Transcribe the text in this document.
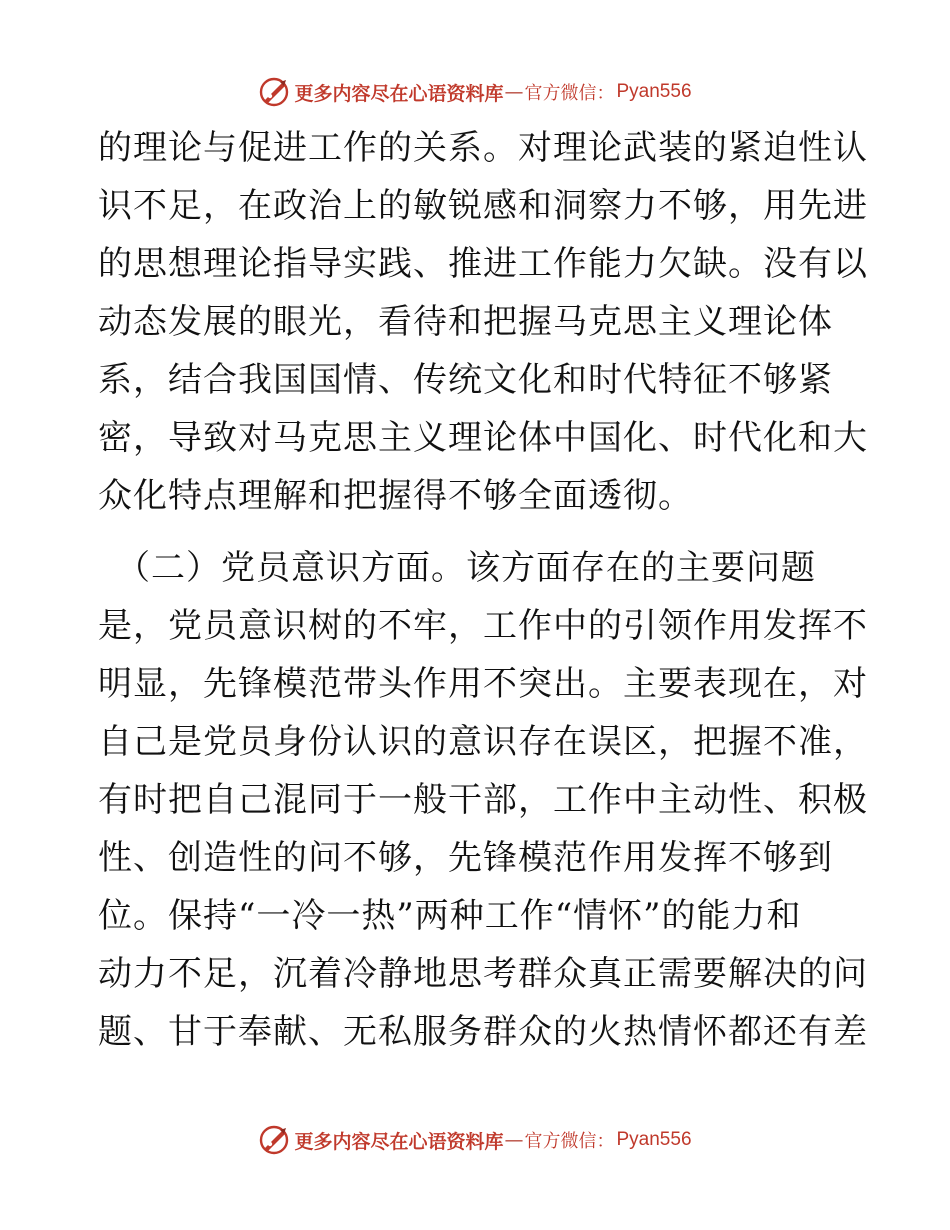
更多内容尽在心语资料库 — 官方微信： Pyan556
的理论与促进工作的关系。对理论武装的紧迫性认
识不足，在政治上的敏锐感和洞察力不够，用先进
的思想理论指导实践、推进工作能力欠缺。没有以
动态发展的眼光，看待和把握马克思主义理论体
系，结合我国国情、传统文化和时代特征不够紧
密，导致对马克思主义理论体中国化、时代化和大
众化特点理解和把握得不够全面透彻。
（二）党员意识方面。该方面存在的主要问题
是，党员意识树的不牢，工作中的引领作用发挥不
明显，先锋模范带头作用不突出。主要表现在，对
自己是党员身份认识的意识存在误区，把握不准，
有时把自己混同于一般干部，工作中主动性、积极
性、创造性的问不够，先锋模范作用发挥不够到
位。保持“一冷一热”两种工作“情怀”的能力和
动力不足，沉着冷静地思考群众真正需要解决的问
题、甘于奉献、无私服务群众的火热情怀都还有差
更多内容尽在心语资料库 — 官方微信： Pyan556
